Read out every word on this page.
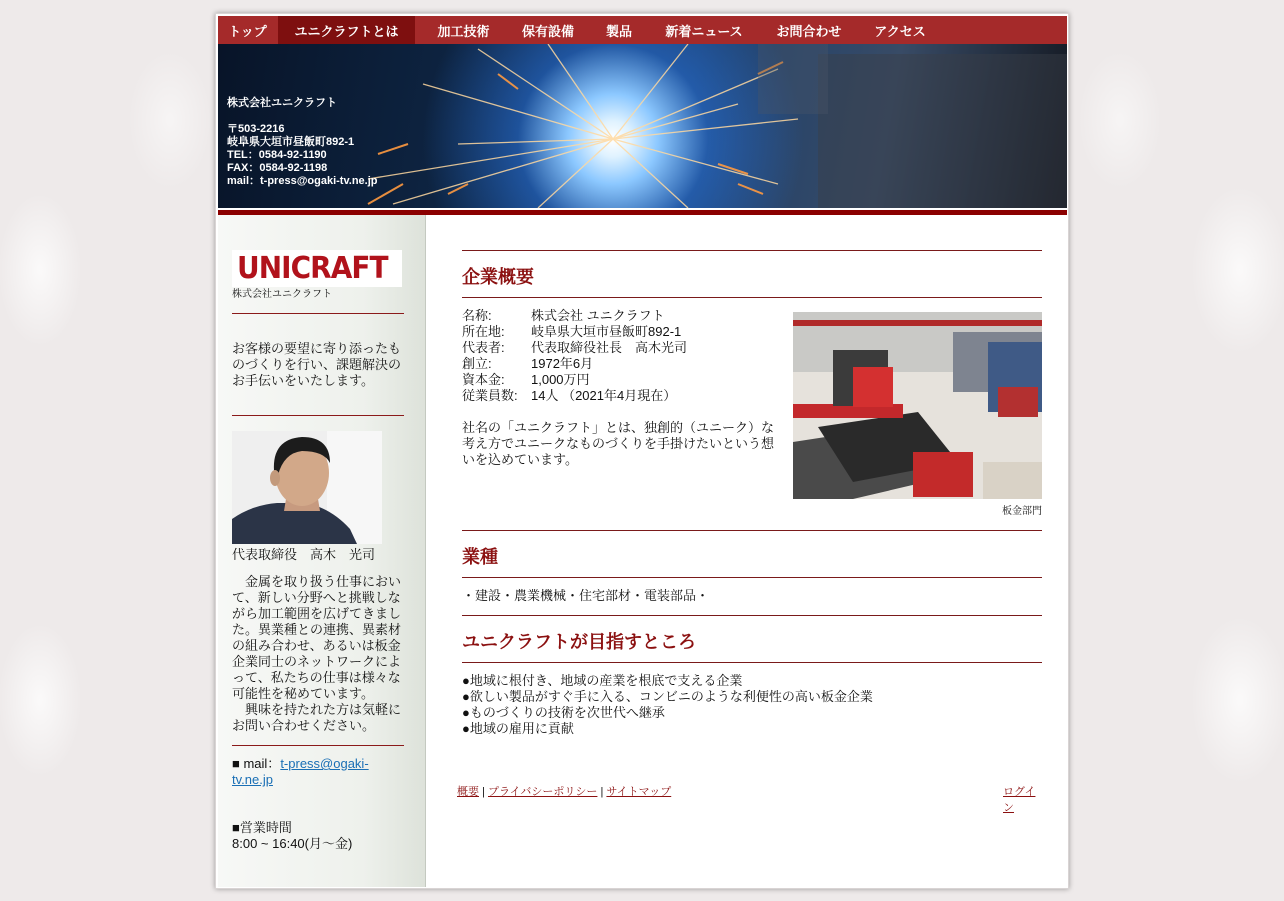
トップ	ユニクラフトとは	加工技術	保有設備	製品	新着ニュース	お問合わせ	アクセス
株式会社ユニクラフト
〒503-2216
岐阜県大垣市昼飯町892-1
TEL：0584-92-1190
FAX：0584-92-1198
mail：t-press@ogaki-tv.ne.jp
UNICRAFT
株式会社ユニクラフト
お客様の要望に寄り添ったものづくりを行い、課題解決のお手伝いをいたします。
代表取締役　高木　光司
　金属を取り扱う仕事において、新しい分野へと挑戦しながら加工範囲を広げてきました。異業種との連携、異素材の組み合わせ、あるいは板金企業同士のネットワークによって、私たちの仕事は様々な可能性を秘めています。
　興味を持たれた方は気軽にお問い合わせください。
■ mail：t-press@ogaki-tv.ne.jp
■営業時間
8:00 ~ 16:40(月〜金)
企業概要
名称:	株式会社 ユニクラフト
所在地:	岐阜県大垣市昼飯町892-1
代表者:	代表取締役社長　高木光司
創立:	1972年6月
資本金:	1,000万円
従業員数:	14人 （2021年4月現在）
社名の「ユニクラフト」とは、独創的（ユニーク）な考え方でユニークなものづくりを手掛けたいという想いを込めています。
板金部門
業種
・建設・農業機械・住宅部材・電装部品・
ユニクラフトが目指すところ
●地域に根付き、地域の産業を根底で支える企業
●欲しい製品がすぐ手に入る、コンビニのような利便性の高い板金企業
●ものづくりの技術を次世代へ継承
●地域の雇用に貢献
概要 | プライバシーポリシー | サイトマップ	ログイン
